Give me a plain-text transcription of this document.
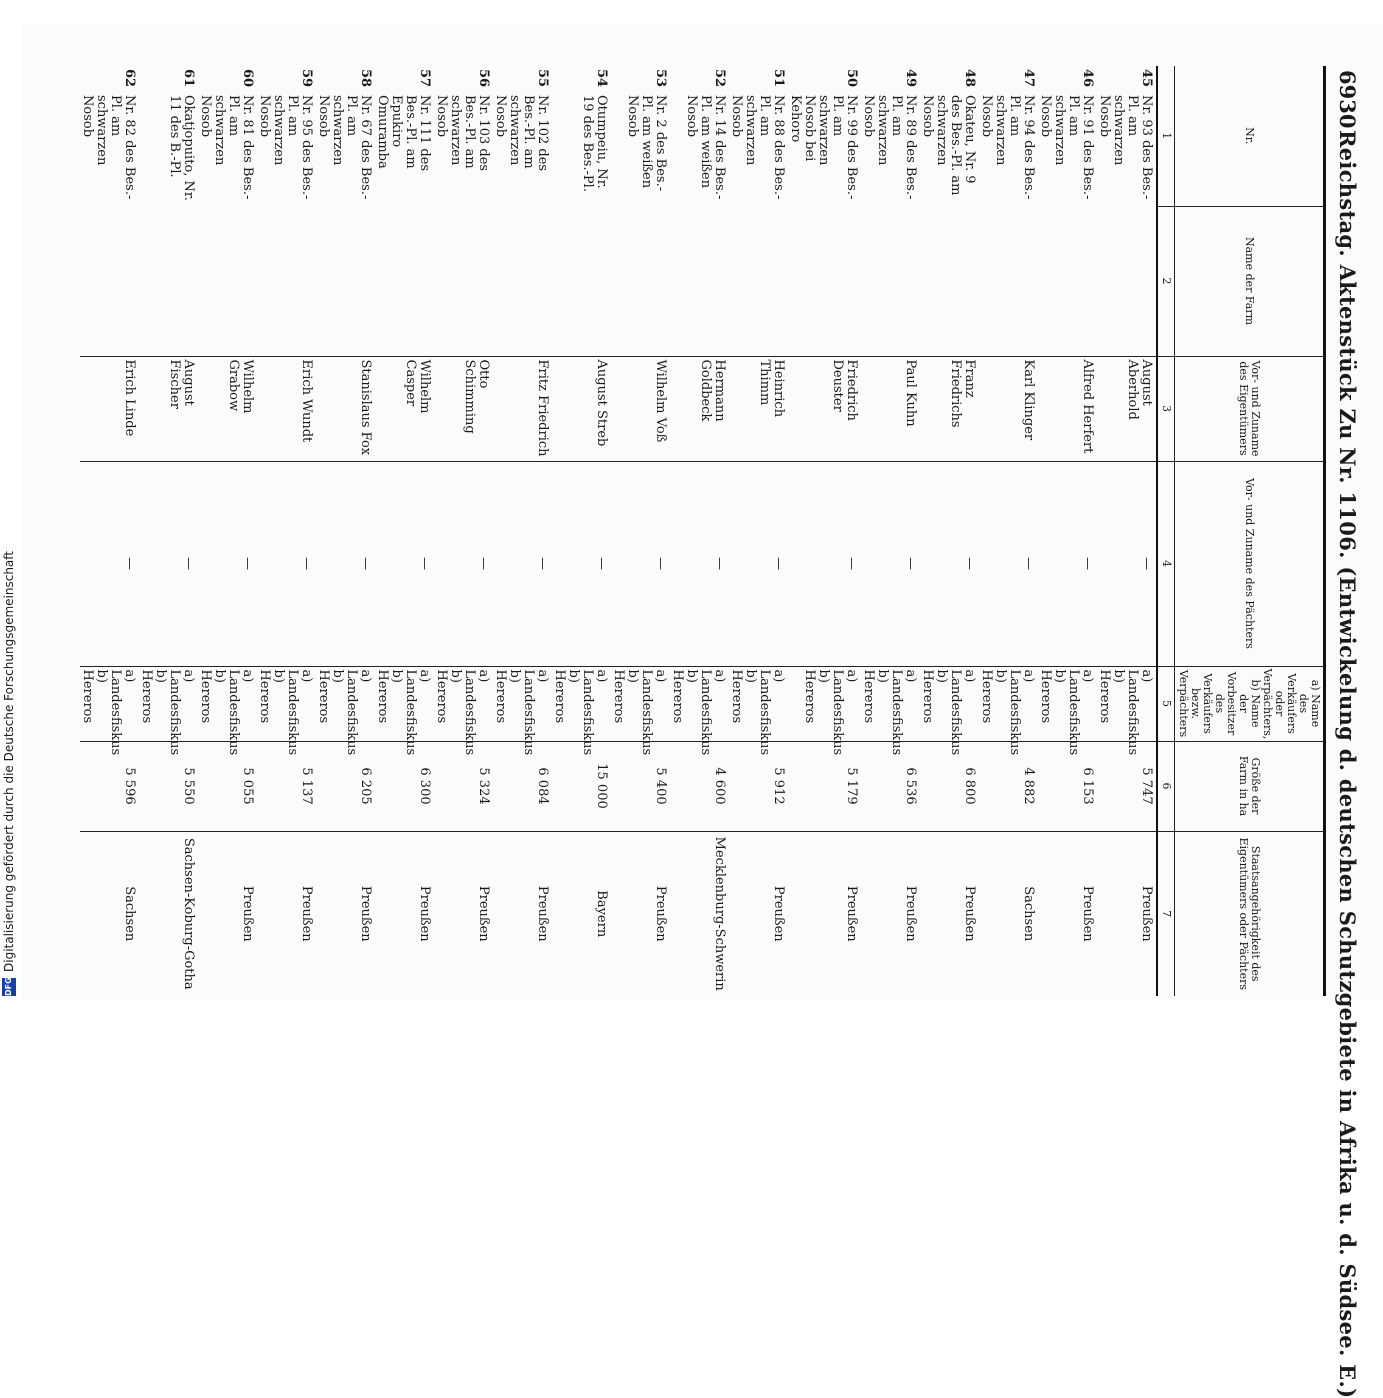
6930
Reichstag. Aktenstück Zu Nr. 1106. (Entwickelung d. deutschen Schutzgebiete in Afrika u. d. Südsee. E.)
Nr.	Name der Farm	Vor- und Zuname des Eigentümers	Vor- und Zuname des Pächters	a) Name des Verkäufers oder Verpächters, b) Name der Vorbesitzer des Verkäufers bezw. Verpächters	Größe der Farm in ha	Staatsangehörigkeit des Eigentümers oder Pächters
1	2	3	4	5	6	7
45Nr. 93 des Bes.-Pl. am schwarzen Nosob		August Aberhold	—	a) Landesfiskus
b) Hereros	5 747	Preußen
46Nr. 91 des Bes.-Pl. am schwarzen Nosob		Alfred Herfert	—	a) Landesfiskus
b) Hereros	6 153	Preußen
47Nr. 94 des Bes.-Pl. am schwarzen Nosob		Karl Klinger	—	a) Landesfiskus
b) Hereros	4 882	Sachsen
48Okateu, Nr. 9 des Bes.-Pl. am schwarzen Nosob		Franz Friedrichs	—	a) Landesfiskus
b) Hereros	6 800	Preußen
49Nr. 89 des Bes.-Pl. am schwarzen Nosob		Paul Kuhn	—	a) Landesfiskus
b) Hereros	6 536	Preußen
50Nr. 99 des Bes.-Pl. am schwarzen Nosob bei Kehoro		Friedrich Deuster	—	a) Landesfiskus
b) Hereros	5 179	Preußen
51Nr. 88 des Bes.-Pl. am schwarzen Nosob		Heinrich Thimm	—	a) Landesfiskus
b) Hereros	5 912	Preußen
52Nr. 14 des Bes.-Pl. am weißen Nosob		Hermann Goldbeck	—	a) Landesfiskus
b) Hereros	4 600	Mecklenburg-Schwerin
53Nr. 2 des Bes.-Pl. am weißen Nosob		Wilhelm Voß	—	a) Landesfiskus
b) Hereros	5 400	Preußen
54Otumpeiu, Nr. 19 des Bes.-Pl.		August Streb	—	a) Landesfiskus
b) Hereros	15 000	Bayern
55Nr. 102 des Bes.-Pl. am schwarzen Nosob		Fritz Friedrich	—	a) Landesfiskus
b) Hereros	6 084	Preußen
56Nr. 103 des Bes.-Pl. am schwarzen Nosob		Otto Schimming	—	a) Landesfiskus
b) Hereros	5 324	Preußen
57Nr. 111 des Bes.-Pl. am Epukiro Omuramba		Wilhelm Casper	—	a) Landesfiskus
b) Hereros	6 300	Preußen
58Nr. 67 des Bes.-Pl. am schwarzen Nosob		Stanislaus Fox	—	a) Landesfiskus
b) Hereros	6 205	Preußen
59Nr. 95 des Bes.-Pl. am schwarzen Nosob		Erich Wundt	—	a) Landesfiskus
b) Hereros	5 137	Preußen
60Nr. 81 des Bes.-Pl. am schwarzen Nosob		Wilhelm Grabow	—	a) Landesfiskus
b) Hereros	5 055	Preußen
61Okatjopuito, Nr. 11 des B.-Pl.		August Fischer	—	a) Landesfiskus
b) Hereros	5 550	Sachsen-Koburg-Gotha
62Nr. 82 des Bes.-Pl. am schwarzen Nosob		Erich Linde	—	a) Landesfiskus
b) Hereros	5 596	Sachsen
DFG
Digitalisierung gefördert durch die Deutsche Forschungsgemeinschaft
